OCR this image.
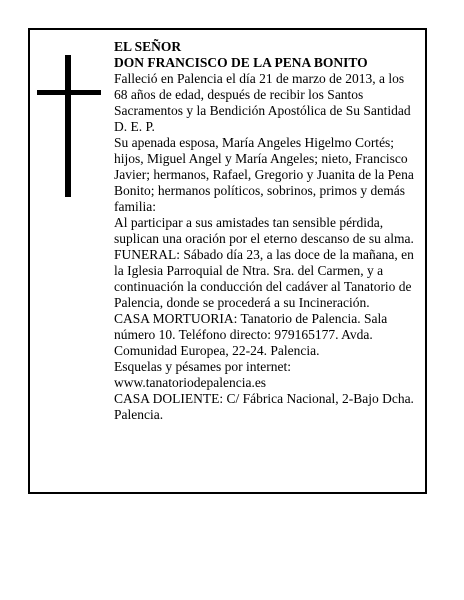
EL SEÑOR

DON FRANCISCO DE LA PENA BONITO

Falleció en Palencia el día 21 de marzo de 2013, a los

68 años de edad, después de recibir los Santos

Sacramentos y la Bendición Apostólica de Su Santidad

D. E. P.

Su apenada esposa, María Angeles Higelmo Cortés;

hijos, Miguel Angel y María Angeles; nieto, Francisco

Javier; hermanos, Rafael, Gregorio y Juanita de la Pena

Bonito; hermanos políticos, sobrinos, primos y demás

familia:

Al participar a sus amistades tan sensible pérdida,

suplican una oración por el eterno descanso de su alma.

FUNERAL: Sábado día 23, a las doce de la mañana, en

la Iglesia Parroquial de Ntra. Sra. del Carmen, y a

continuación la conducción del cadáver al Tanatorio de

Palencia, donde se procederá a su Incineración.

CASA MORTUORIA: Tanatorio de Palencia. Sala

número 10. Teléfono directo: 979165177. Avda.

Comunidad Europea, 22-24. Palencia.

Esquelas y pésames por internet:

www.tanatoriodepalencia.es

CASA DOLIENTE: C/ Fábrica Nacional, 2-Bajo Dcha.

Palencia.
